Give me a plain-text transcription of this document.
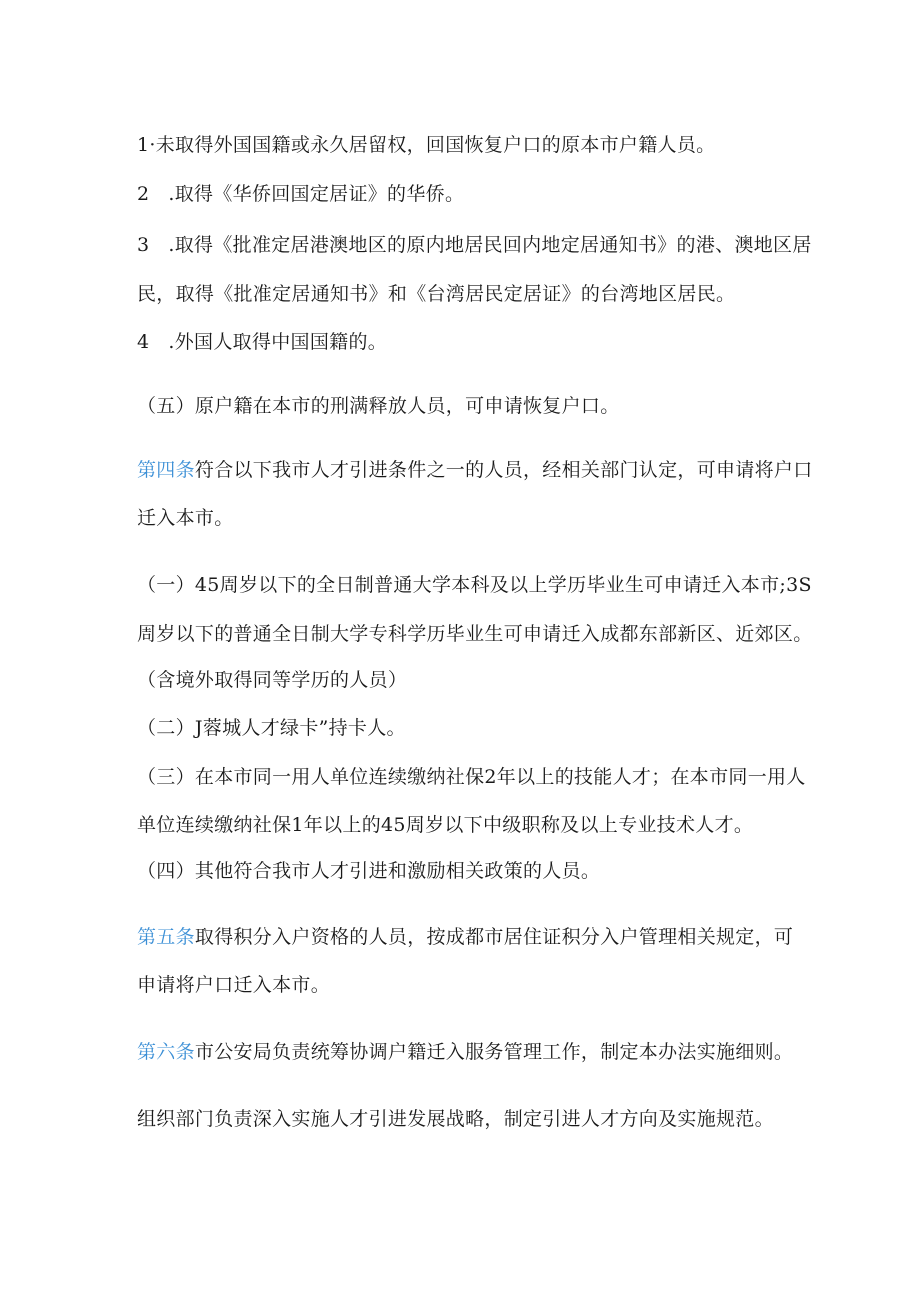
1·未取得外国国籍或永久居留权，回国恢复户口的原本市户籍人员。

2   .取得《华侨回国定居证》的华侨。

3   .取得《批准定居港澳地区的原内地居民回内地定居通知书》的港、澳地区居

民，取得《批准定居通知书》和《台湾居民定居证》的台湾地区居民。

4   .外国人取得中国国籍的。

（五）原户籍在本市的刑满释放人员，可申请恢复户口。

第四条符合以下我市人才引进条件之一的人员，经相关部门认定，可申请将户口

迁入本市。

（一）45周岁以下的全日制普通大学本科及以上学历毕业生可申请迁入本市;3S

周岁以下的普通全日制大学专科学历毕业生可申请迁入成都东部新区、近郊区。

（含境外取得同等学历的人员）

（二）J蓉城人才绿卡”持卡人。

（三）在本市同一用人单位连续缴纳社保2年以上的技能人才；在本市同一用人

单位连续缴纳社保1年以上的45周岁以下中级职称及以上专业技术人才。

（四）其他符合我市人才引进和激励相关政策的人员。

第五条取得积分入户资格的人员，按成都市居住证积分入户管理相关规定，可

申请将户口迁入本市。

第六条市公安局负责统筹协调户籍迁入服务管理工作，制定本办法实施细则。

组织部门负责深入实施人才引进发展战略，制定引进人才方向及实施规范。
